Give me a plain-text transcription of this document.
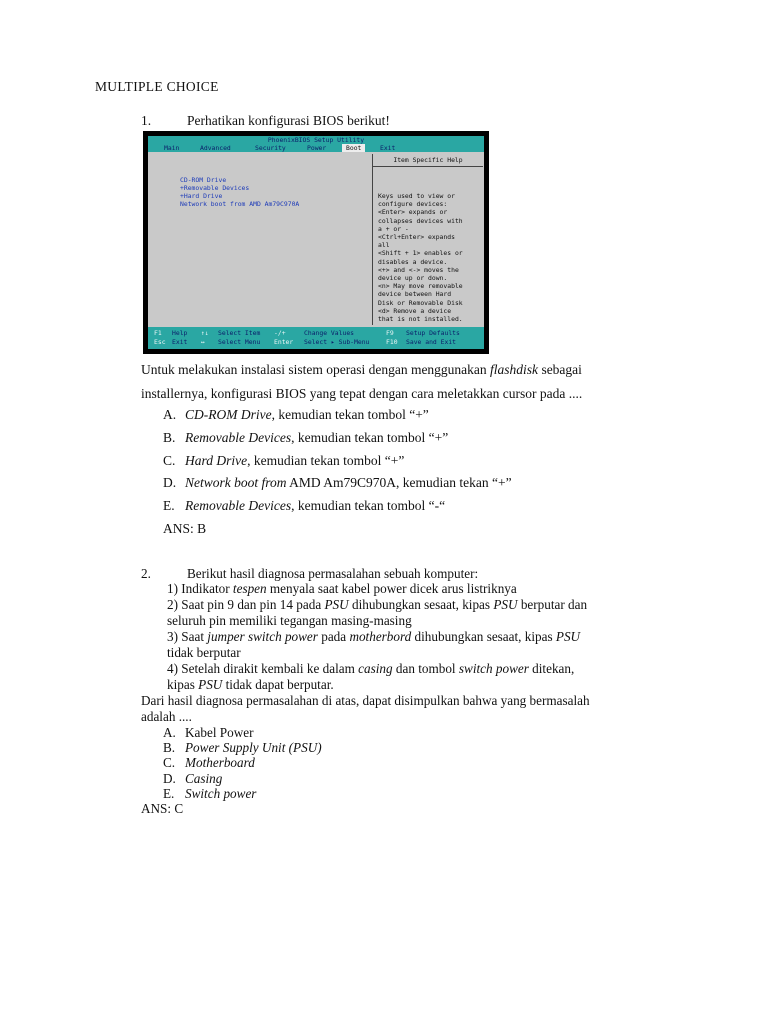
MULTIPLE CHOICE
1.	Perhatikan konfigurasi BIOS berikut!
PhoenixBIOS Setup Utility
Main	Advanced	Security	Power	Boot	Exit
CD-ROM Drive
+Removable Devices
+Hard Drive
Network boot from AMD Am79C970A
Item Specific Help
Keys used to view or
configure devices:
<Enter> expands or
collapses devices with
a + or -
<Ctrl+Enter> expands
all
<Shift + 1> enables or
disables a device.
<+> and <-> moves the
device up or down.
<n> May move removable
device between Hard
Disk or Removable Disk
<d> Remove a device
that is not installed.
F1 Help ↑↓ Select Item -/+	Change Values	F9 Setup Defaults
Esc Exit ↔ Select Menu Enter Select ▸ Sub-Menu	F10 Save and Exit
Untuk melakukan instalasi sistem operasi dengan menggunakan flashdisk sebagai
installernya, konfigurasi BIOS yang tepat dengan cara meletakkan cursor pada ....
A. CD-ROM Drive, kemudian tekan tombol “+”
B. Removable Devices, kemudian tekan tombol “+”
C. Hard Drive, kemudian tekan tombol “+”
D. Network boot from AMD Am79C970A, kemudian tekan “+”
E. Removable Devices, kemudian tekan tombol “-“
ANS: B
2.	Berikut hasil diagnosa permasalahan sebuah komputer:
1) Indikator tespen menyala saat kabel power dicek arus listriknya
2) Saat pin 9 dan pin 14 pada PSU dihubungkan sesaat, kipas PSU berputar dan
seluruh pin memiliki tegangan masing-masing
3) Saat jumper switch power pada motherbord dihubungkan sesaat, kipas PSU
tidak berputar
4) Setelah dirakit kembali ke dalam casing dan tombol switch power ditekan,
kipas PSU tidak dapat berputar.
Dari hasil diagnosa permasalahan di atas, dapat disimpulkan bahwa yang bermasalah
adalah ....
A. Kabel Power
B. Power Supply Unit (PSU)
C. Motherboard
D. Casing
E. Switch power
ANS: C
